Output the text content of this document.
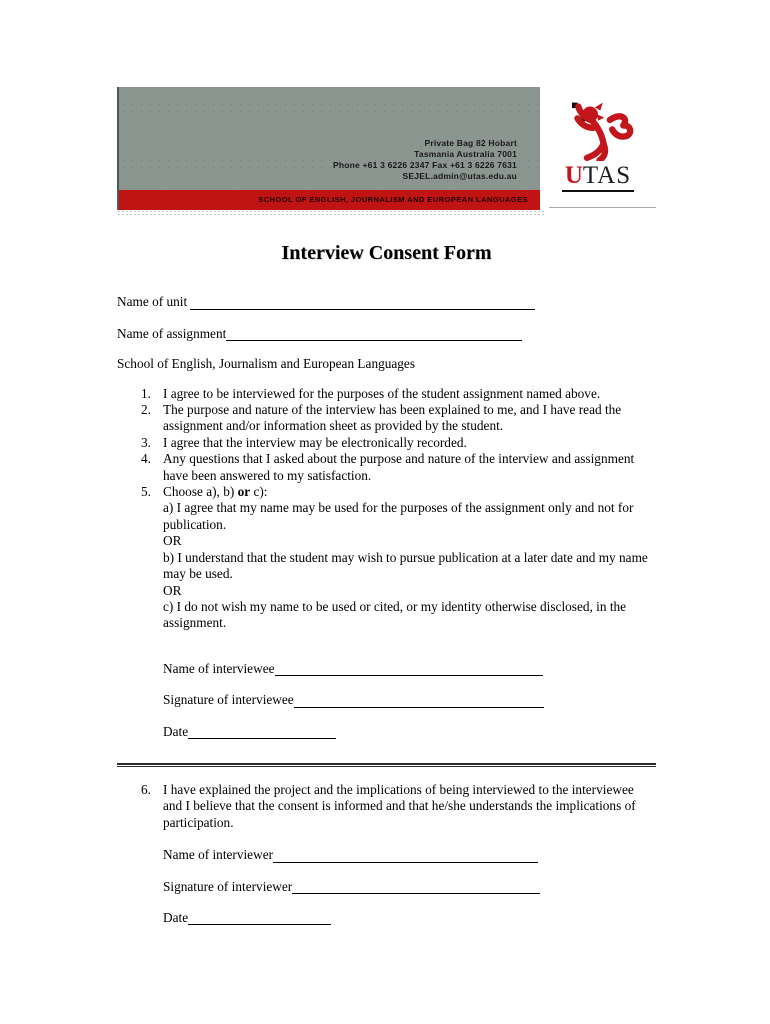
Private Bag 82 Hobart
Tasmania Australia 7001
Phone +61 3 6226 2347 Fax +61 3 6226 7631
SEJEL.admin@utas.edu.au
SCHOOL OF ENGLISH, JOURNALISM AND EUROPEAN LANGUAGES
UTAS
Interview Consent Form
Name of unit
Name of assignment
School of English, Journalism and European Languages
1. I agree to be interviewed for the purposes of the student assignment named above.
2. The purpose and nature of the interview has been explained to me, and I have read the assignment and/or information sheet as provided by the student.
3. I agree that the interview may be electronically recorded.
4. Any questions that I asked about the purpose and nature of the interview and assignment have been answered to my satisfaction.
5. Choose a), b) or c):
a) I agree that my name may be used for the purposes of the assignment only and not for publication.
OR
b) I understand that the student may wish to pursue publication at a later date and my name may be used.
OR
c) I do not wish my name to be used or cited, or my identity otherwise disclosed, in the assignment.
Name of interviewee
Signature of interviewee
Date
6. I have explained the project and the implications of being interviewed to the interviewee and I believe that the consent is informed and that he/she understands the implications of participation.
Name of interviewer
Signature of interviewer
Date
